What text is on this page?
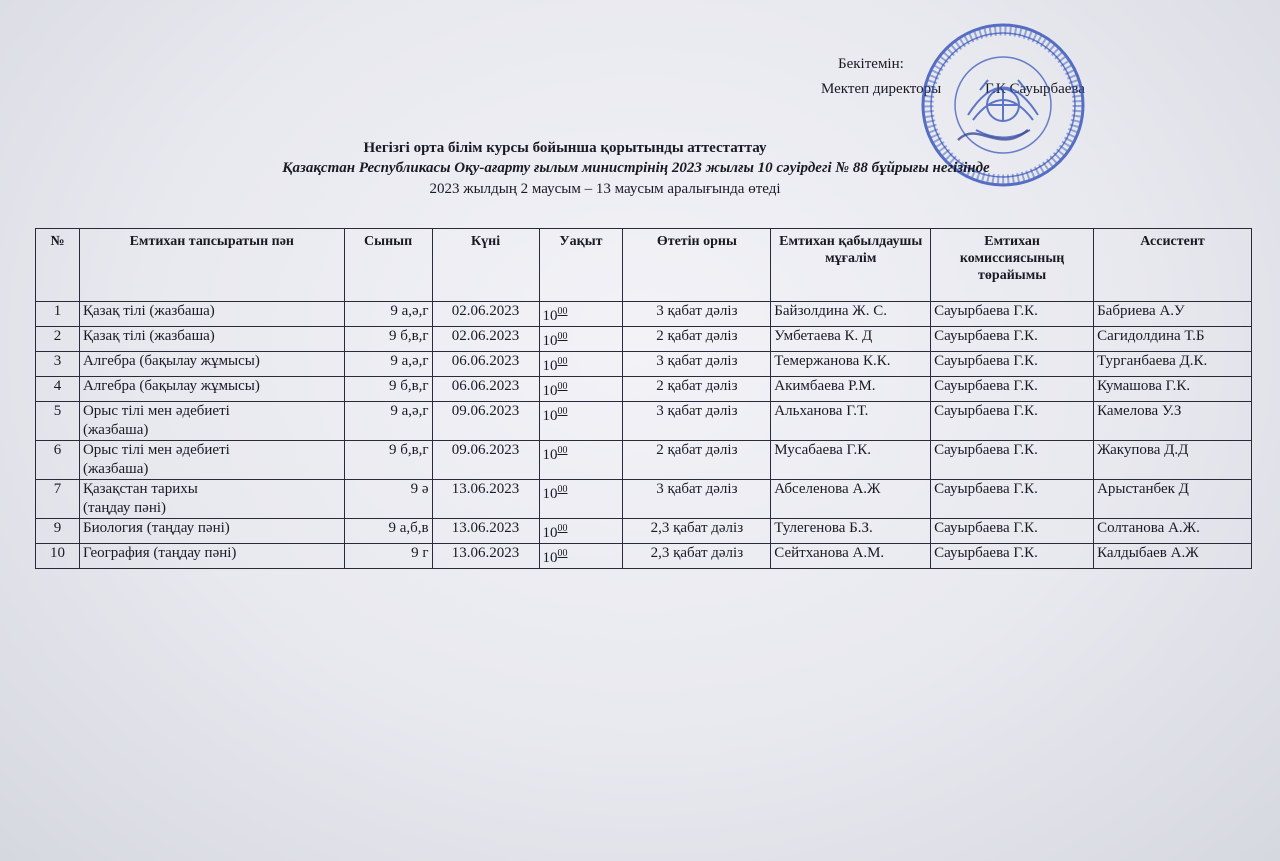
Бекітемін:
Мектеп директоры	Г.К Сауырбаева
Негізгі орта білім курсы бойынша қорытынды аттестаттау
Қазақстан Республикасы Оқу-ағарту ғылым министрінің 2023 жылғы 10 сәуірдегі № 88 бұйрығы негізінде
2023 жылдың 2 маусым – 13 маусым аралығында өтеді
№	Емтихан тапсыратын пән	Сынып	Күні	Уақыт	Өтетін орны	Емтихан қабылдаушы мұғалім	Емтихан комиссиясының төрайымы	Ассистент
1	Қазақ тілі (жазбаша)	9 а,ә,г	02.06.2023	$10^{00}$	3 қабат дәліз	Байзолдина Ж. С.	Сауырбаева Г.К.	Бабриева А.У
2	Қазақ тілі (жазбаша)	9 б,в,г	02.06.2023	$10^{00}$	2 қабат дәліз	Умбетаева К. Д	Сауырбаева Г.К.	Сагидолдина Т.Б
3	Алгебра (бақылау жұмысы)	9 а,ә,г	06.06.2023	$10^{00}$	3 қабат дәліз	Темержанова К.К.	Сауырбаева Г.К.	Турганбаева Д.К.
4	Алгебра (бақылау жұмысы)	9 б,в,г	06.06.2023	$10^{00}$	2 қабат дәліз	Акимбаева Р.М.	Сауырбаева Г.К.	Кумашова Г.К.
5	Орыс тілі мен әдебиеті
(жазбаша)	9 а,ә,г	09.06.2023	$10^{00}$	3 қабат дәліз	Альханова Г.Т.	Сауырбаева Г.К.	Камелова У.З
6	Орыс тілі мен әдебиеті
(жазбаша)	9 б,в,г	09.06.2023	$10^{00}$	2 қабат дәліз	Мусабаева Г.К.	Сауырбаева Г.К.	Жакупова Д.Д
7	Қазақстан тарихы
(таңдау пәні)	9 ә	13.06.2023	$10^{00}$	3 қабат дәліз	Абселенова А.Ж	Сауырбаева Г.К.	Арыстанбек Д
9	Биология (таңдау пәні)	9 а,б,в	13.06.2023	$10^{00}$	2,3 қабат дәліз	Тулегенова Б.З.	Сауырбаева Г.К.	Солтанова А.Ж.
10	География (таңдау пәні)	9 г	13.06.2023	$10^{00}$	2,3 қабат дәліз	Сейтханова А.М.	Сауырбаева Г.К.	Калдыбаев А.Ж
